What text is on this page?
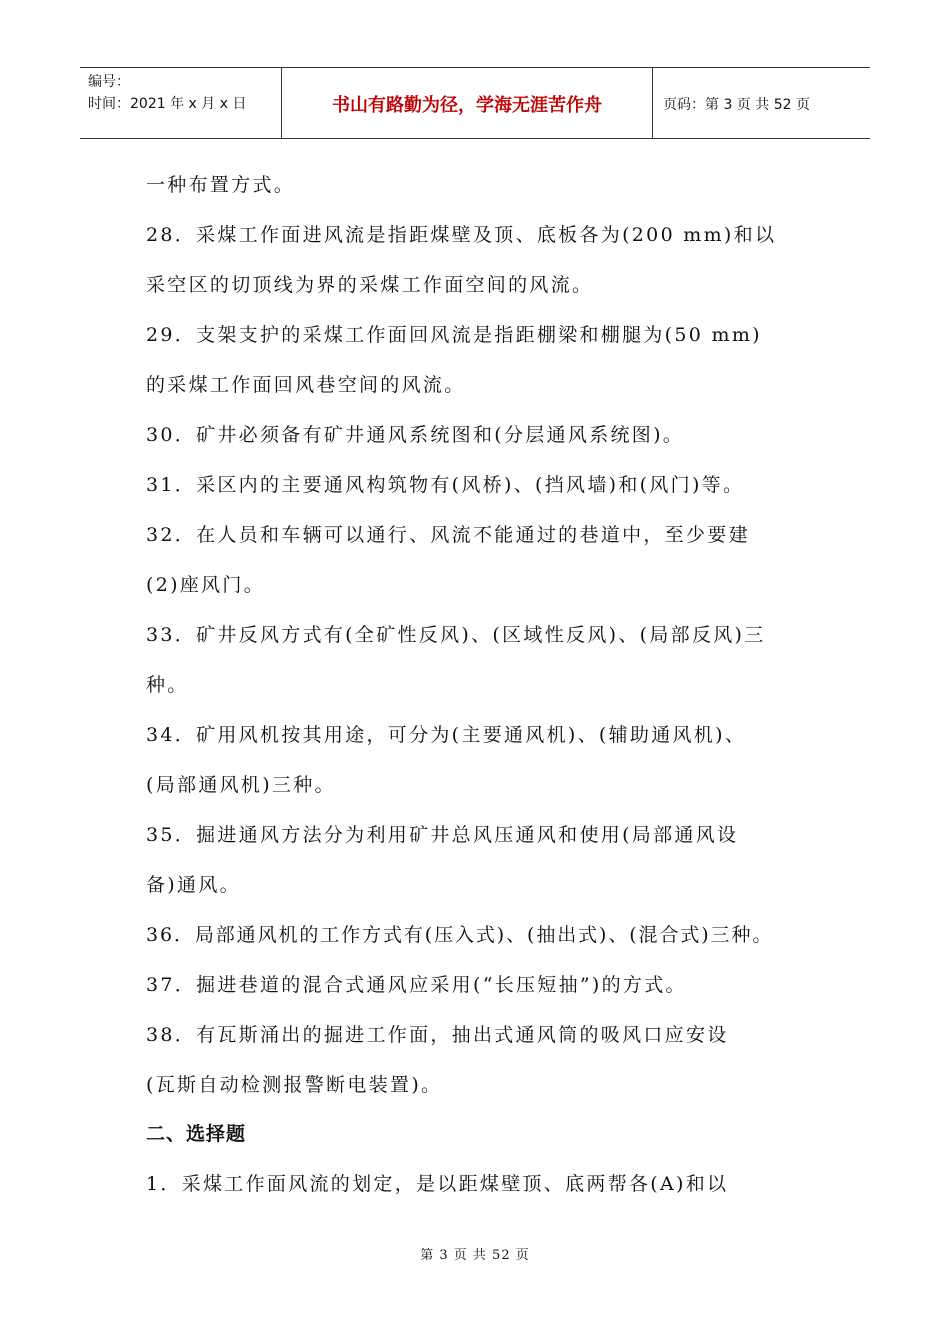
编号：
时间：2021 年 x 月 x 日	书山有路勤为径，学海无涯苦作舟	页码：第 3 页 共 52 页
一种布置方式。
28．采煤工作面进风流是指距煤壁及顶、底板各为(200 mm)和以
采空区的切顶线为界的采煤工作面空间的风流。
29．支架支护的采煤工作面回风流是指距棚梁和棚腿为(50 mm)
的采煤工作面回风巷空间的风流。
30．矿井必须备有矿井通风系统图和(分层通风系统图)。
31．采区内的主要通风构筑物有(风桥)、(挡风墙)和(风门)等。
32．在人员和车辆可以通行、风流不能通过的巷道中，至少要建
(2)座风门。
33．矿井反风方式有(全矿性反风)、(区域性反风)、(局部反风)三
种。
34．矿用风机按其用途，可分为(主要通风机)、(辅助通风机)、
(局部通风机)三种。
35．掘进通风方法分为利用矿井总风压通风和使用(局部通风设
备)通风。
36．局部通风机的工作方式有(压入式)、(抽出式)、(混合式)三种。
37．掘进巷道的混合式通风应采用(“长压短抽”)的方式。
38．有瓦斯涌出的掘进工作面，抽出式通风筒的吸风口应安设
(瓦斯自动检测报警断电装置)。
二、选择题
1．采煤工作面风流的划定，是以距煤壁顶、底两帮各(A)和以
第 3 页 共 52 页
